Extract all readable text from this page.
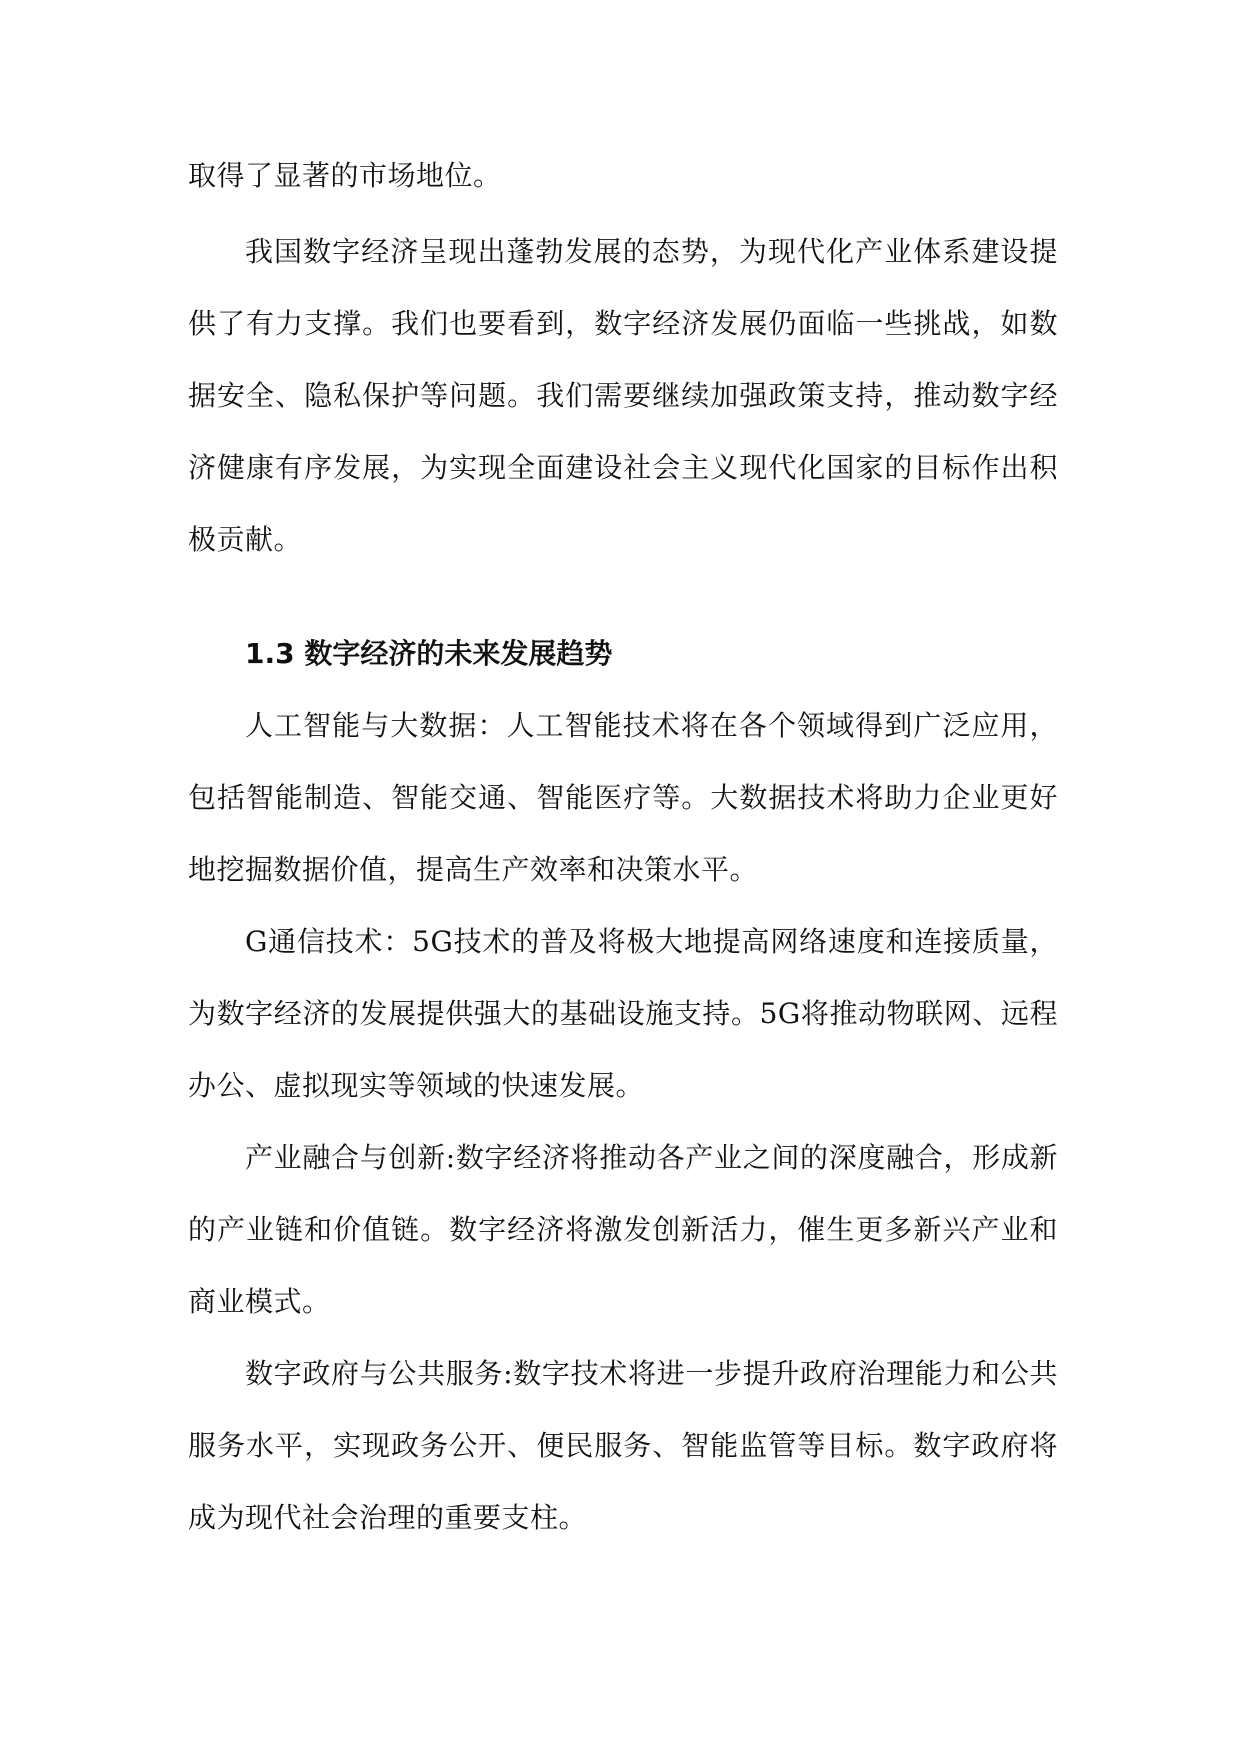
取得了显著的市场地位。

我国数字经济呈现出蓬勃发展的态势，为现代化产业体系建设提供了有力支撑。我们也要看到，数字经济发展仍面临一些挑战，如数据安全、隐私保护等问题。我们需要继续加强政策支持，推动数字经济健康有序发展，为实现全面建设社会主义现代化国家的目标作出积极贡献。

1.3 数字经济的未来发展趋势

人工智能与大数据：人工智能技术将在各个领域得到广泛应用，包括智能制造、智能交通、智能医疗等。大数据技术将助力企业更好地挖掘数据价值，提高生产效率和决策水平。

G通信技术：5G技术的普及将极大地提高网络速度和连接质量，为数字经济的发展提供强大的基础设施支持。5G将推动物联网、远程办公、虚拟现实等领域的快速发展。

产业融合与创新:数字经济将推动各产业之间的深度融合，形成新的产业链和价值链。数字经济将激发创新活力，催生更多新兴产业和商业模式。

数字政府与公共服务:数字技术将进一步提升政府治理能力和公共服务水平，实现政务公开、便民服务、智能监管等目标。数字政府将成为现代社会治理的重要支柱。
